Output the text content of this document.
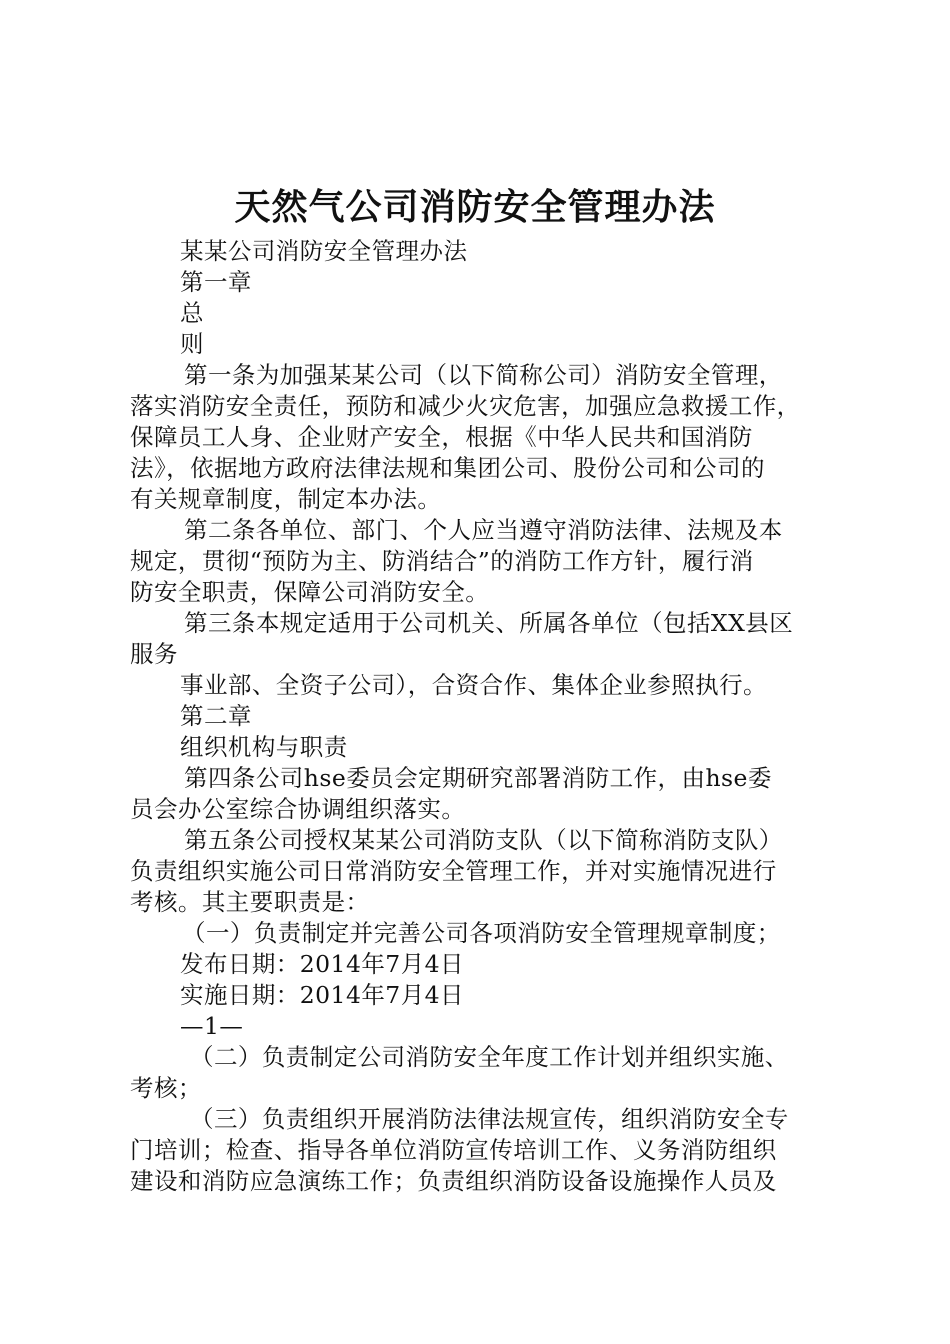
天然气公司消防安全管理办法
某某公司消防安全管理办法
第一章
总
则
第一条为加强某某公司（以下简称公司）消防安全管理，
落实消防安全责任，预防和减少火灾危害，加强应急救援工作，
保障员工人身、企业财产安全，根据《中华人民共和国消防
法》，依据地方政府法律法规和集团公司、股份公司和公司的
有关规章制度，制定本办法。
第二条各单位、部门、个人应当遵守消防法律、法规及本
规定，贯彻“预防为主、防消结合”的消防工作方针，履行消
防安全职责，保障公司消防安全。
第三条本规定适用于公司机关、所属各单位（包括XX县区
服务
事业部、全资子公司），合资合作、集体企业参照执行。
第二章
组织机构与职责
第四条公司hse委员会定期研究部署消防工作，由hse委
员会办公室综合协调组织落实。
第五条公司授权某某公司消防支队（以下简称消防支队）
负责组织实施公司日常消防安全管理工作，并对实施情况进行
考核。其主要职责是：
（一）负责制定并完善公司各项消防安全管理规章制度；
发布日期：2014年7月4日
实施日期：2014年7月4日
—1—
（二）负责制定公司消防安全年度工作计划并组织实施、
考核；
（三）负责组织开展消防法律法规宣传，组织消防安全专
门培训；检查、指导各单位消防宣传培训工作、义务消防组织
建设和消防应急演练工作；负责组织消防设备设施操作人员及
